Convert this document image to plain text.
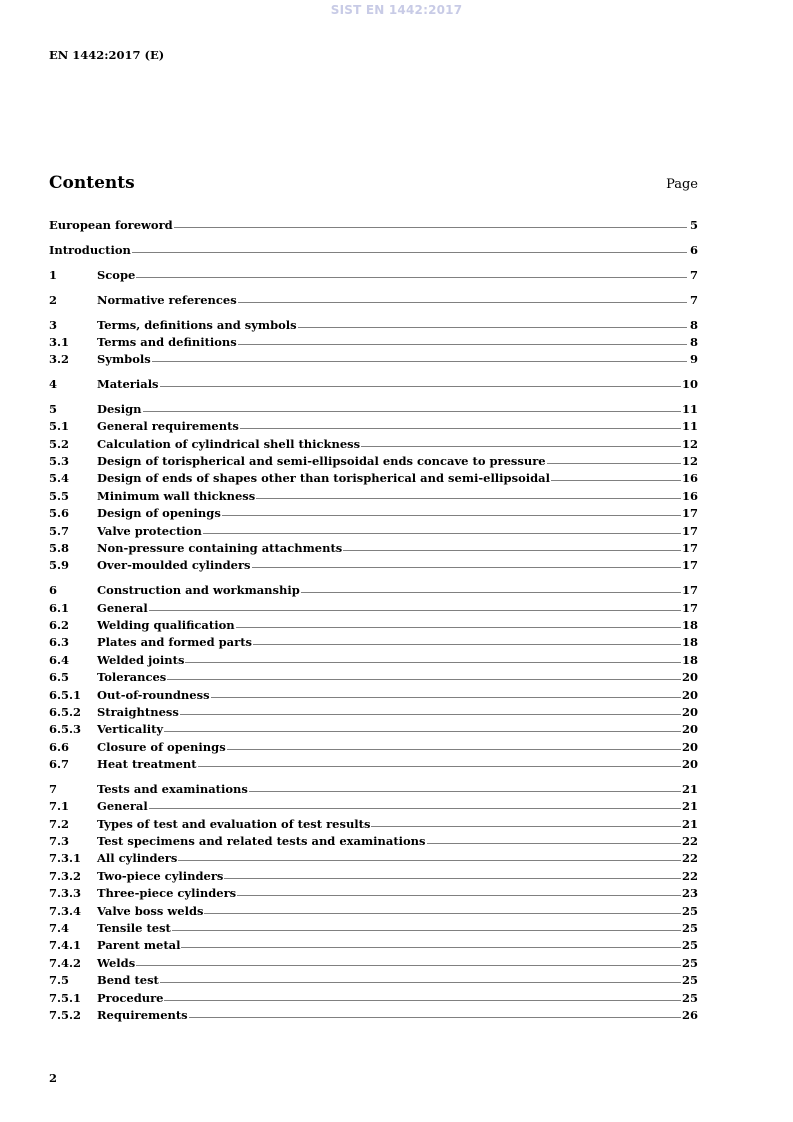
SIST EN 1442:2017
EN 1442:2017 (E)
Contents	Page
European foreword	5
Introduction	6
1	Scope	7
2	Normative references	7
3	Terms, definitions and symbols	8
3.1	Terms and definitions	8
3.2	Symbols	9
4	Materials	10
5	Design	11
5.1	General requirements	11
5.2	Calculation of cylindrical shell thickness	12
5.3	Design of torispherical and semi-ellipsoidal ends concave to pressure	12
5.4	Design of ends of shapes other than torispherical and semi-ellipsoidal	16
5.5	Minimum wall thickness	16
5.6	Design of openings	17
5.7	Valve protection	17
5.8	Non-pressure containing attachments	17
5.9	Over-moulded cylinders	17
6	Construction and workmanship	17
6.1	General	17
6.2	Welding qualification	18
6.3	Plates and formed parts	18
6.4	Welded joints	18
6.5	Tolerances	20
6.5.1	Out-of-roundness	20
6.5.2	Straightness	20
6.5.3	Verticality	20
6.6	Closure of openings	20
6.7	Heat treatment	20
7	Tests and examinations	21
7.1	General	21
7.2	Types of test and evaluation of test results	21
7.3	Test specimens and related tests and examinations	22
7.3.1	All cylinders	22
7.3.2	Two-piece cylinders	22
7.3.3	Three-piece cylinders	23
7.3.4	Valve boss welds	25
7.4	Tensile test	25
7.4.1	Parent metal	25
7.4.2	Welds	25
7.5	Bend test	25
7.5.1	Procedure	25
7.5.2	Requirements	26
2
